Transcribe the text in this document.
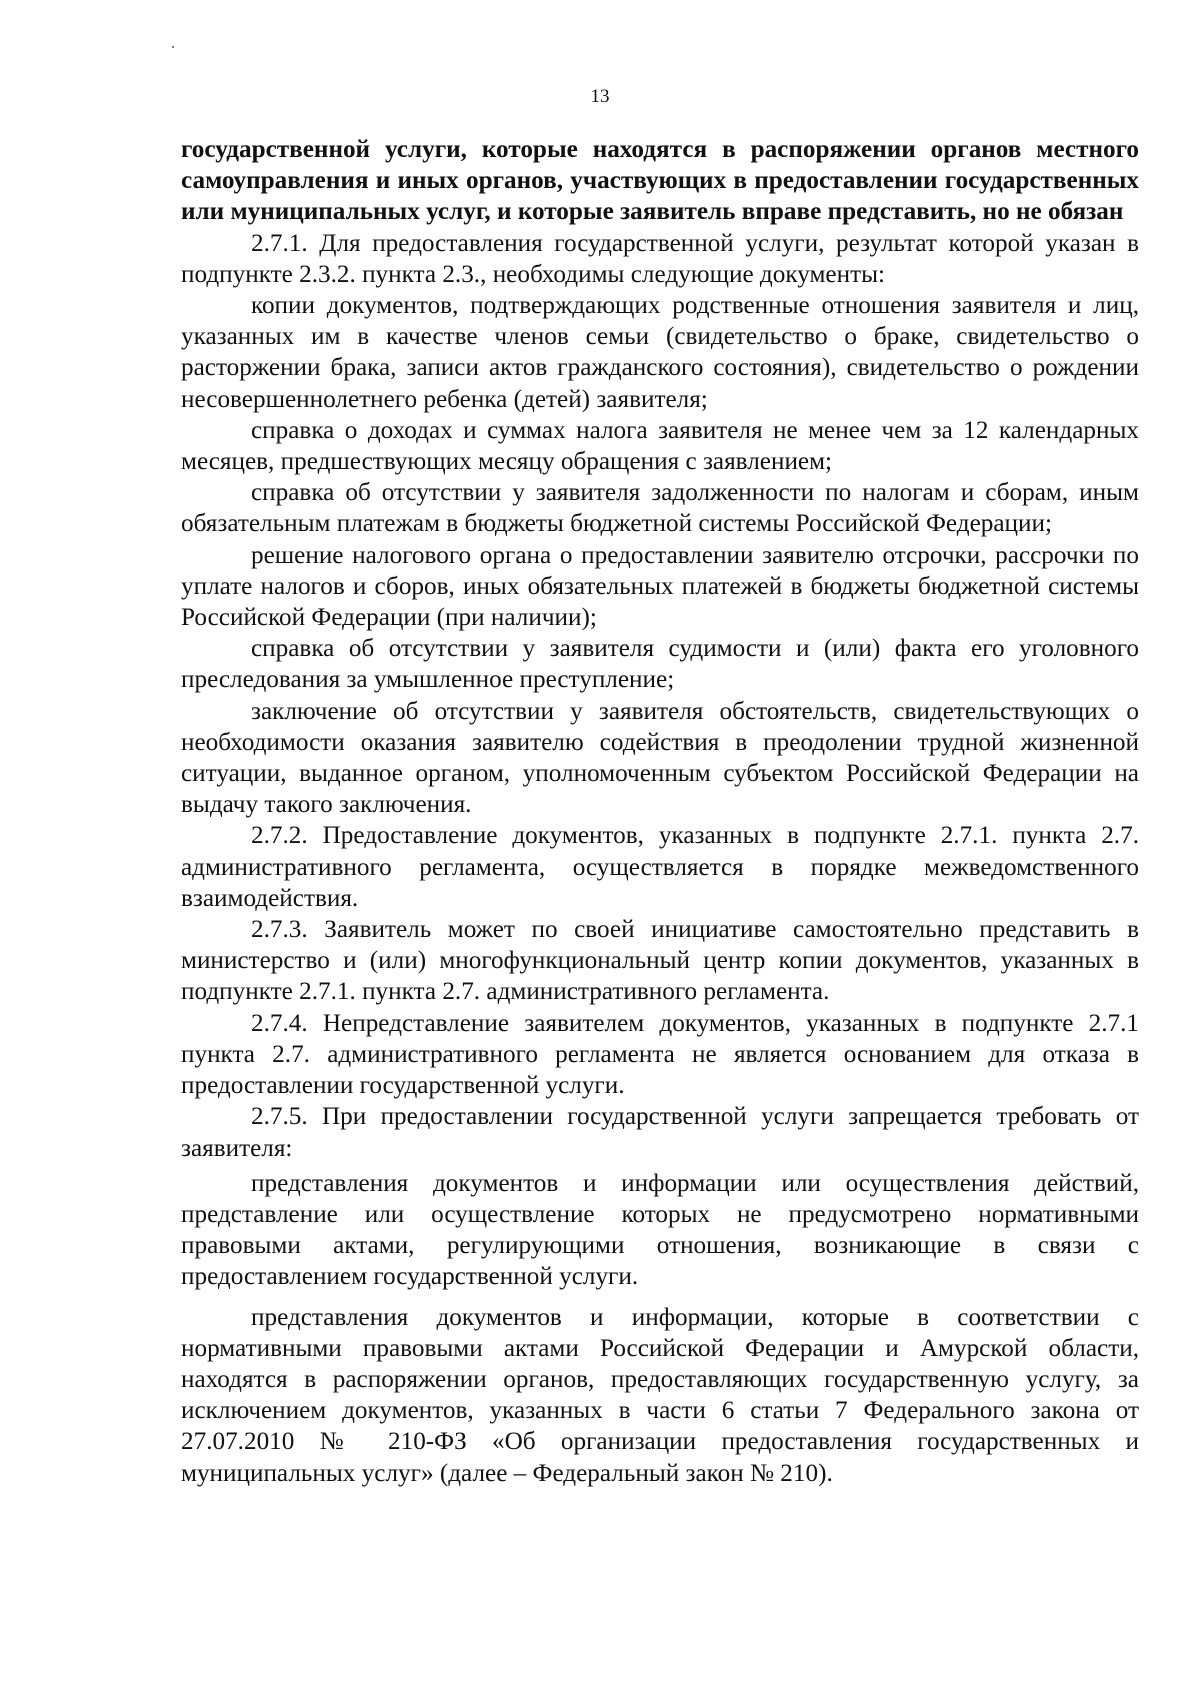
13

государственной услуги, которые находятся в распоряжении органов местного самоуправления и иных органов, участвующих в предоставлении государственных или муниципальных услуг, и которые заявитель вправе представить, но не обязан

2.7.1. Для предоставления государственной услуги, результат которой указан в подпункте 2.3.2. пункта 2.3., необходимы следующие документы:

копии документов, подтверждающих родственные отношения заявителя и лиц, указанных им в качестве членов семьи (свидетельство о браке, свидетельство о расторжении брака, записи актов гражданского состояния), свидетельство о рождении несовершеннолетнего ребенка (детей) заявителя;

справка о доходах и суммах налога заявителя не менее чем за 12 календарных месяцев, предшествующих месяцу обращения с заявлением;

справка об отсутствии у заявителя задолженности по налогам и сборам, иным обязательным платежам в бюджеты бюджетной системы Российской Федерации;

решение налогового органа о предоставлении заявителю отсрочки, рассрочки по уплате налогов и сборов, иных обязательных платежей в бюджеты бюджетной системы Российской Федерации (при наличии);

справка об отсутствии у заявителя судимости и (или) факта его уголовного преследования за умышленное преступление;

заключение об отсутствии у заявителя обстоятельств, свидетельствующих о необходимости оказания заявителю содействия в преодолении трудной жизненной ситуации, выданное органом, уполномоченным субъектом Российской Федерации на выдачу такого заключения.

2.7.2. Предоставление документов, указанных в подпункте 2.7.1. пункта 2.7. административного регламента, осуществляется в порядке межведомственного взаимодействия.

2.7.3. Заявитель может по своей инициативе самостоятельно представить в министерство и (или) многофункциональный центр копии документов, указанных в подпункте 2.7.1. пункта 2.7. административного регламента.

2.7.4. Непредставление заявителем документов, указанных в подпункте 2.7.1 пункта 2.7. административного регламента не является основанием для отказа в предоставлении государственной услуги.

2.7.5. При предоставлении государственной услуги запрещается требовать от заявителя:

представления документов и информации или осуществления действий, представление или осуществление которых не предусмотрено нормативными правовыми актами, регулирующими отношения, возникающие в связи с предоставлением государственной услуги.

представления документов и информации, которые в соответствии с нормативными правовыми актами Российской Федерации и Амурской области, находятся в распоряжении органов, предоставляющих государственную услугу, за исключением документов, указанных в части 6 статьи 7 Федерального закона от 27.07.2010 № 210-ФЗ «Об организации предоставления государственных и муниципальных услуг» (далее – Федеральный закон № 210).
